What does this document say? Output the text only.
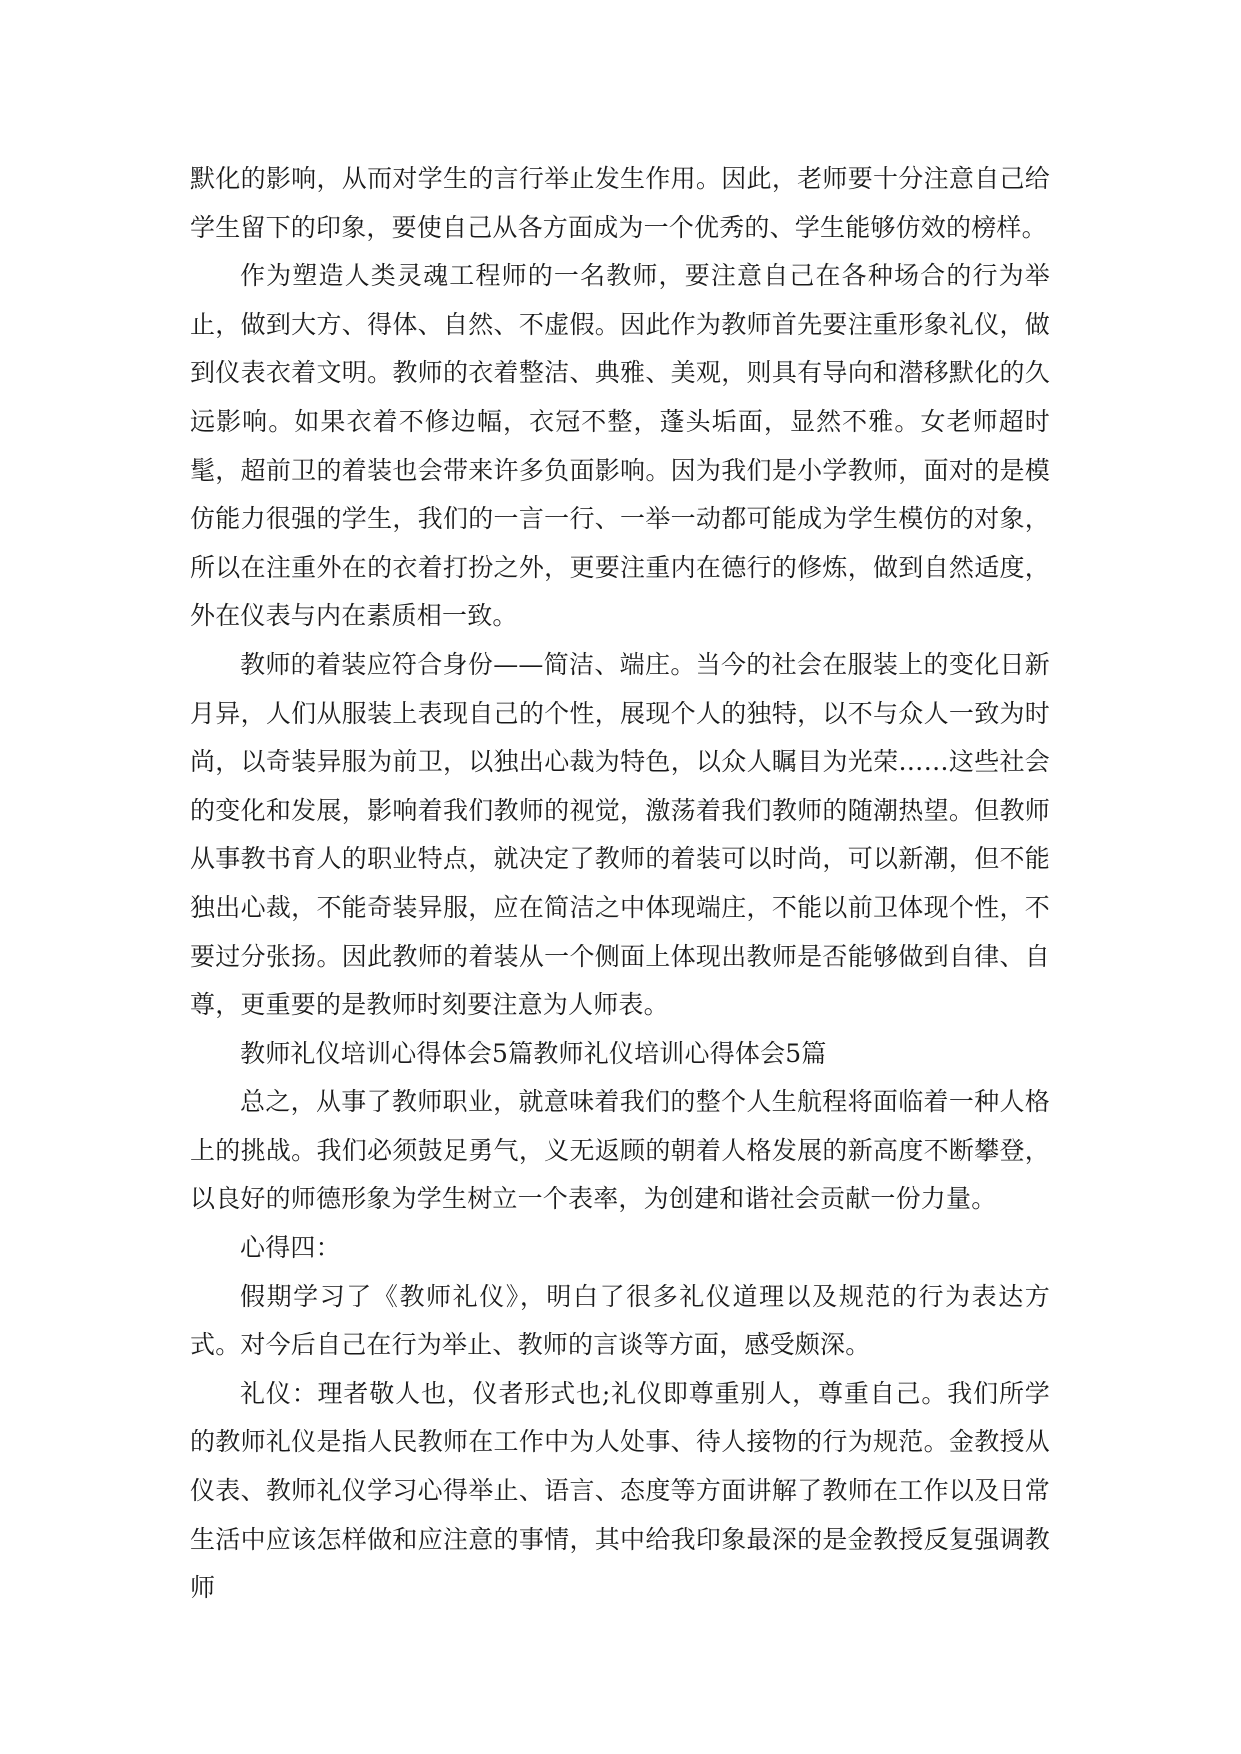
默化的影响，从而对学生的言行举止发生作用。因此，老师要十分注意自己给学生留下的印象，要使自己从各方面成为一个优秀的、学生能够仿效的榜样。

作为塑造人类灵魂工程师的一名教师，要注意自己在各种场合的行为举止，做到大方、得体、自然、不虚假。因此作为教师首先要注重形象礼仪，做到仪表衣着文明。教师的衣着整洁、典雅、美观，则具有导向和潜移默化的久远影响。如果衣着不修边幅，衣冠不整，蓬头垢面，显然不雅。女老师超时髦，超前卫的着装也会带来许多负面影响。因为我们是小学教师，面对的是模仿能力很强的学生，我们的一言一行、一举一动都可能成为学生模仿的对象，所以在注重外在的衣着打扮之外，更要注重内在德行的修炼，做到自然适度，外在仪表与内在素质相一致。

教师的着装应符合身份——简洁、端庄。当今的社会在服装上的变化日新月异，人们从服装上表现自己的个性，展现个人的独特，以不与众人一致为时尚，以奇装异服为前卫，以独出心裁为特色，以众人瞩目为光荣……这些社会的变化和发展，影响着我们教师的视觉，激荡着我们教师的随潮热望。但教师从事教书育人的职业特点，就决定了教师的着装可以时尚，可以新潮，但不能独出心裁，不能奇装异服，应在简洁之中体现端庄，不能以前卫体现个性，不要过分张扬。因此教师的着装从一个侧面上体现出教师是否能够做到自律、自尊，更重要的是教师时刻要注意为人师表。

教师礼仪培训心得体会5篇教师礼仪培训心得体会5篇

总之，从事了教师职业，就意味着我们的整个人生航程将面临着一种人格上的挑战。我们必须鼓足勇气，义无返顾的朝着人格发展的新高度不断攀登，以良好的师德形象为学生树立一个表率，为创建和谐社会贡献一份力量。

心得四：

假期学习了《教师礼仪》，明白了很多礼仪道理以及规范的行为表达方式。对今后自己在行为举止、教师的言谈等方面，感受颇深。

礼仪：理者敬人也，仪者形式也;礼仪即尊重别人，尊重自己。我们所学的教师礼仪是指人民教师在工作中为人处事、待人接物的行为规范。金教授从仪表、教师礼仪学习心得举止、语言、态度等方面讲解了教师在工作以及日常生活中应该怎样做和应注意的事情，其中给我印象最深的是金教授反复强调教师
